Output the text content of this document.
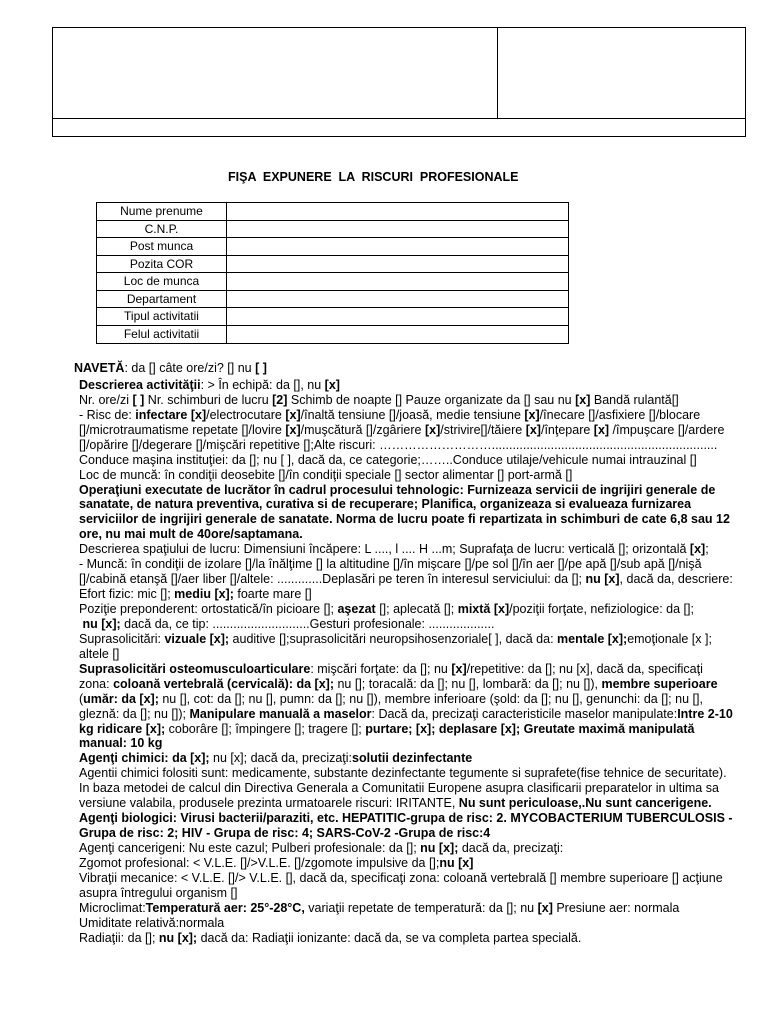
FIŞA EXPUNERE LA RISCURI PROFESIONALE
Nume prenume
C.N.P.
Post munca
Pozita COR
Loc de munca
Departament
Tipul activitatii
Felul activitatii
NAVETĂ: da [] câte ore/zi? [] nu [ ]
Descrierea activităţii: > În echipă: da [], nu [x]
Nr. ore/zi [ ] Nr. schimburi de lucru [2] Schimb de noapte [] Pauze organizate da [] sau nu [x] Bandă rulantă[]
- Risc de: infectare [x]/electrocutare [x]/înaltă tensiune []/joasă, medie tensiune [x]/înecare []/asfixiere []/blocare
[]/microtraumatisme repetate []/lovire [x]/muşcătură []/zgâriere [x]/strivire[]/tăiere [x]/înţepare [x] /împuşcare []/ardere
[]/opărire []/degerare []/mişcări repetitive [];Alte riscuri: ……………………….................................................................
Conduce maşina instituţiei: da []; nu [ ], dacă da, ce categorie;……..Conduce utilaje/vehicule numai intrauzinal []
Loc de muncă: în condiţii deosebite []/în condiţii speciale [] sector alimentar [] port-armă []
Operaţiuni executate de lucrător în cadrul procesului tehnologic: Furnizeaza servicii de ingrijiri generale de
sanatate, de natura preventiva, curativa si de recuperare; Planifica, organizeaza si evalueaza furnizarea
serviciilor de ingrijiri generale de sanatate. Norma de lucru poate fi repartizata in schimburi de cate 6,8 sau 12
ore, nu mai mult de 40ore/saptamana.
Descrierea spaţiului de lucru: Dimensiuni încăpere: L ...., l .... H ...m; Suprafaţa de lucru: verticală []; orizontală [x];
- Muncă: în condiţii de izolare []/la înălţime [] la altitudine []/în mişcare []/pe sol []/în aer []/pe apă []/sub apă []/nişă
[]/cabină etanşă []/aer liber []/altele: .............Deplasări pe teren în interesul serviciului: da []; nu [x], dacă da, descriere:
Efort fizic: mic []; mediu [x]; foarte mare []
Poziţie preponderent: ortostatică/în picioare []; aşezat []; aplecată []; mixtă [x]/poziţii forţate, nefiziologice: da [];
nu [x]; dacă da, ce tip: ............................Gesturi profesionale: ...................
Suprasolicitări: vizuale [x]; auditive [];suprasolicitări neuropsihosenzoriale[ ], dacă da: mentale [x];emoţionale [x ];
altele []
Suprasolicitări osteomusculoarticulare: mişcări forţate: da []; nu [x]/repetitive: da []; nu [x], dacă da, specificaţi
zona: coloană vertebrală (cervicală): da [x]; nu []; toracală: da []; nu [], lombară: da []; nu []), membre superioare
(umăr: da [x]; nu [], cot: da []; nu [], pumn: da []; nu []), membre inferioare (şold: da []; nu [], genunchi: da []; nu [],
gleznă: da []; nu []); Manipulare manuală a maselor: Dacă da, precizaţi caracteristicile maselor manipulate:Intre 2-10
kg ridicare [x]; coborâre []; împingere []; tragere []; purtare; [x]; deplasare [x]; Greutate maximă manipulată
manual: 10 kg
Agenţi chimici: da [x]; nu [x]; dacă da, precizaţi:solutii dezinfectante
Agentii chimici folositi sunt: medicamente, substante dezinfectante tegumente si suprafete(fise tehnice de securitate).
In baza metodei de calcul din Directiva Generala a Comunitatii Europene asupra clasificarii preparatelor in ultima sa
versiune valabila, produsele prezinta urmatoarele riscuri: IRITANTE, Nu sunt periculoase,.Nu sunt cancerigene.
Agenţi biologici: Virusi bacterii/paraziti, etc. HEPATITIC-grupa de risc: 2. MYCOBACTERIUM TUBERCULOSIS -
Grupa de risc: 2; HIV - Grupa de risc: 4; SARS-CoV-2 -Grupa de risc:4
Agenţi cancerigeni: Nu este cazul; Pulberi profesionale: da []; nu [x]; dacă da, precizaţi:
Zgomot profesional: < V.L.E. []/>V.L.E. []/zgomote impulsive da [];nu [x]
Vibraţii mecanice: < V.L.E. []/> V.L.E. [], dacă da, specificaţi zona: coloană vertebrală [] membre superioare [] acţiune
asupra întregului organism []
Microclimat:Temperatură aer: 25°-28°C, variaţii repetate de temperatură: da []; nu [x] Presiune aer: normala
Umiditate relativă:normala
Radiaţii: da []; nu [x]; dacă da: Radiaţii ionizante: dacă da, se va completa partea specială.
